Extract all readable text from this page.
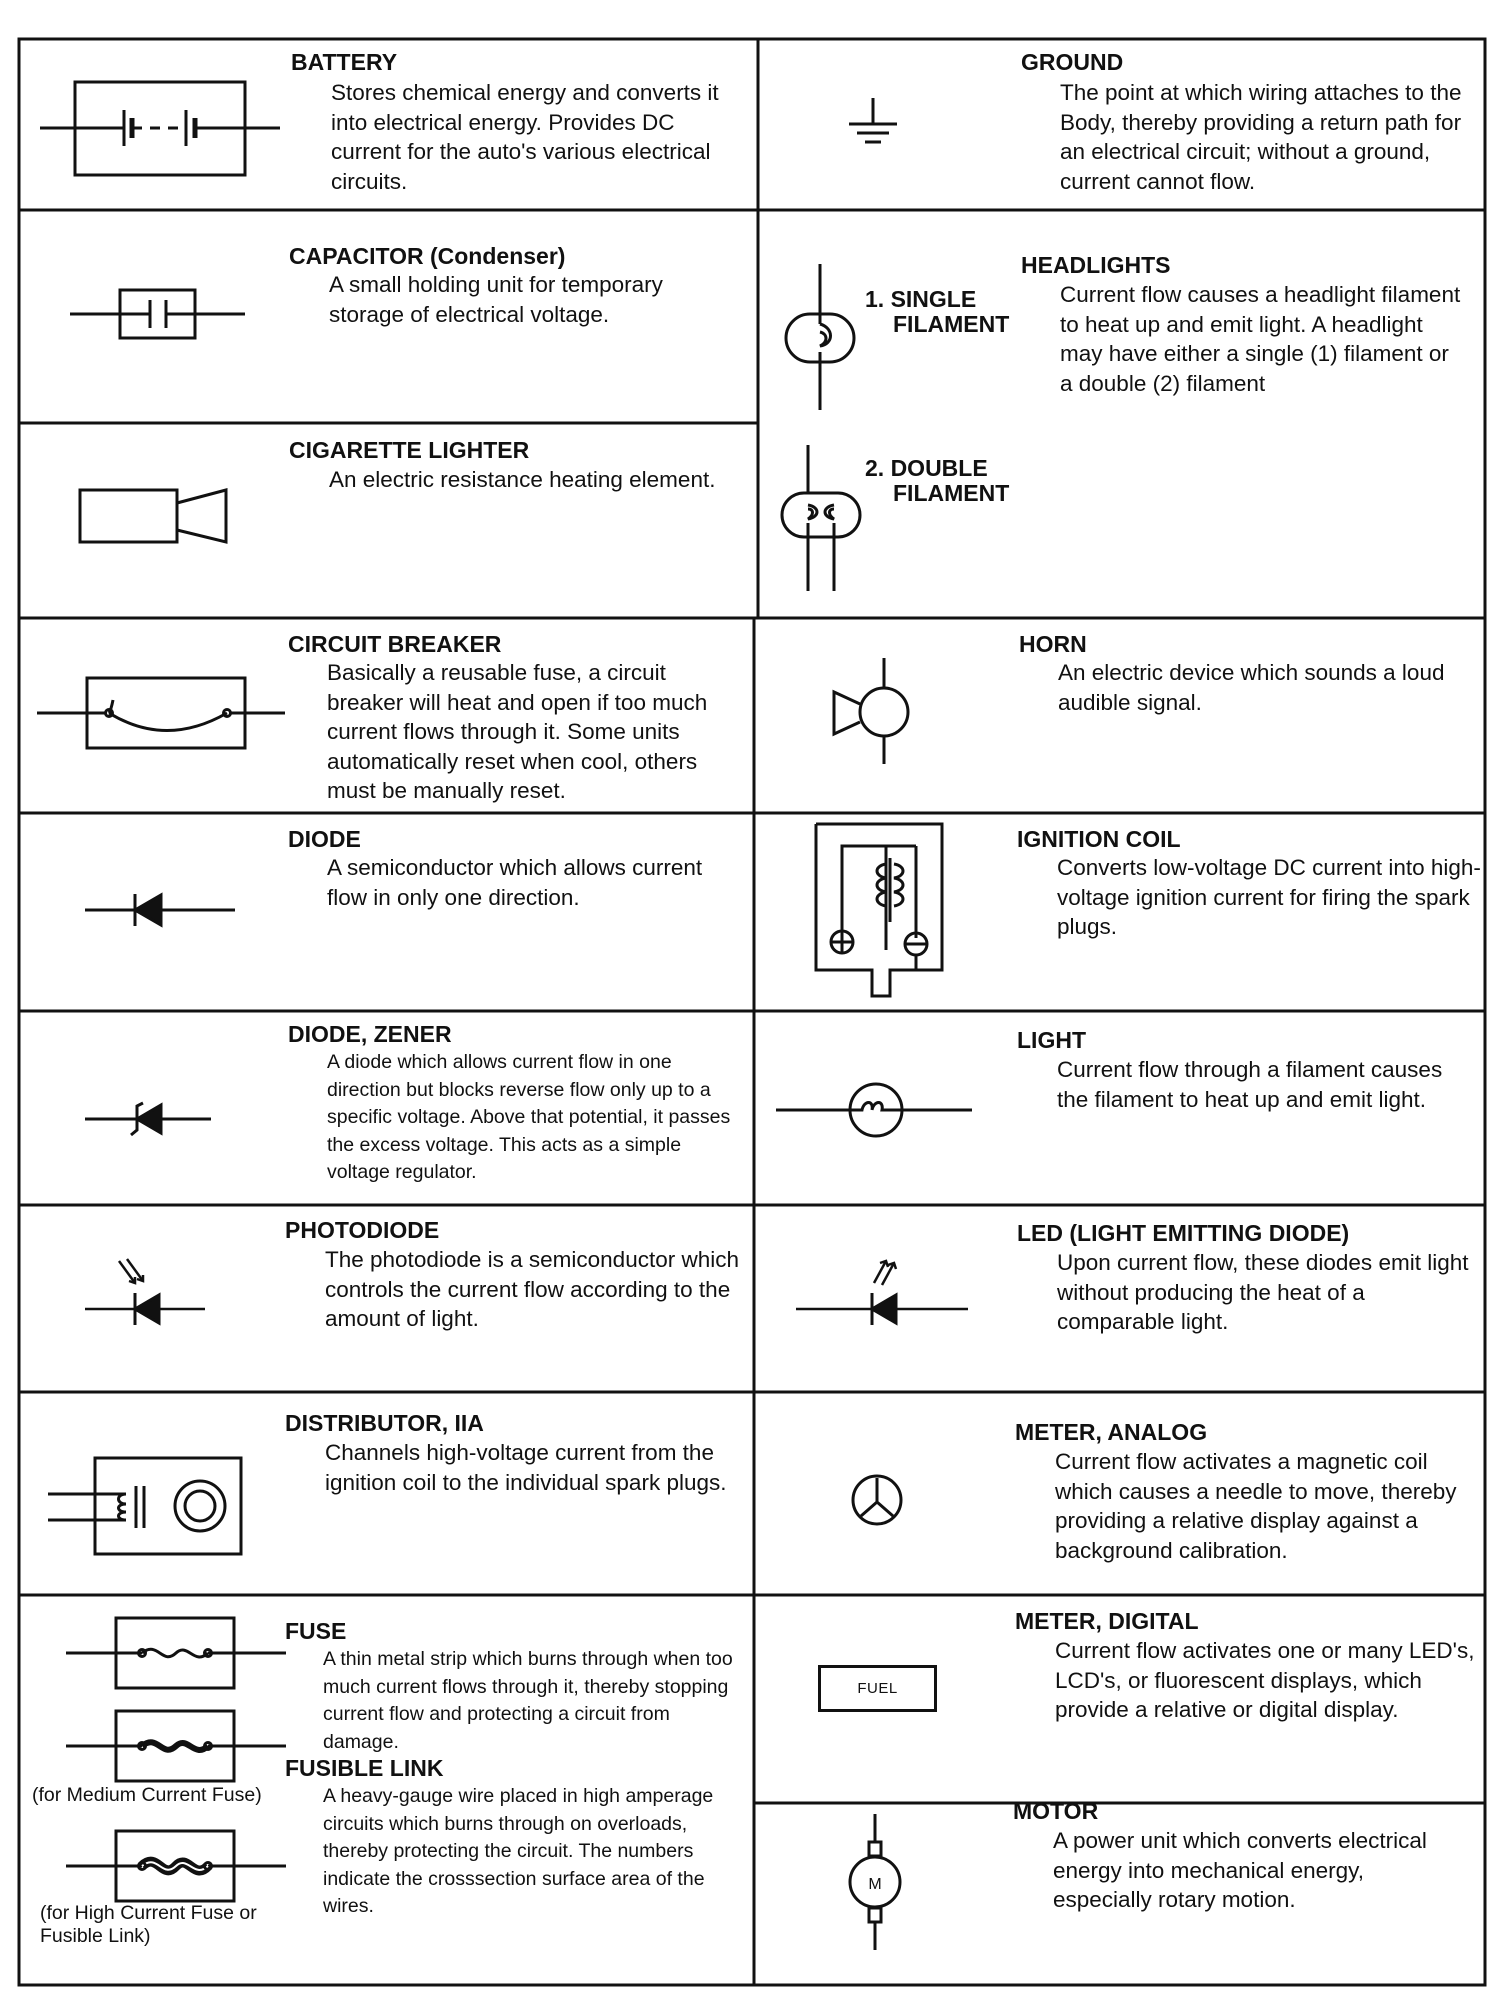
BATTERY
Stores chemical energy and converts it into electrical energy. Provides DC current for the auto's various electrical circuits.
CAPACITOR (Condenser)
A small holding unit for temporary storage of electrical voltage.
CIGARETTE LIGHTER
An electric resistance heating element.
CIRCUIT BREAKER
Basically a reusable fuse, a circuit breaker will heat and open if too much current flows through it. Some units automatically reset when cool, others must be manually reset.
DIODE
A semiconductor which allows current flow in only one direction.
DIODE, ZENER
A diode which allows current flow in one direction but blocks reverse flow only up to a specific voltage. Above that potential, it passes the excess voltage. This acts as a simple voltage regulator.
PHOTODIODE
The photodiode is a semiconductor which controls the current flow according to the amount of light.
DISTRIBUTOR, IIA
Channels high-voltage current from the ignition coil to the individual spark plugs.
(for Medium Current Fuse)
(for High Current Fuse or Fusible Link)
FUSE
A thin metal strip which burns through when too much current flows through it, thereby stopping current flow and protecting a circuit from damage.
FUSIBLE LINK
A heavy-gauge wire placed in high amperage circuits which burns through on overloads, thereby protecting the circuit. The numbers indicate the crosssection surface area of the wires.
GROUND
The point at which wiring attaches to the Body, thereby providing a return path for an electrical circuit; without a ground, current cannot flow.
1. SINGLE
FILAMENT
2. DOUBLE
FILAMENT
HEADLIGHTS
Current flow causes a headlight filament to heat up and emit light. A headlight may have either a single (1) filament or a double (2) filament
HORN
An electric device which sounds a loud audible signal.
IGNITION COIL
Converts low-voltage DC current into high-voltage ignition current for firing the spark plugs.
LIGHT
Current flow through a filament causes the filament to heat up and emit light.
LED (LIGHT EMITTING DIODE)
Upon current flow, these diodes emit light without producing the heat of a comparable light.
METER, ANALOG
Current flow activates a magnetic coil which causes a needle to move, thereby providing a relative display against a background calibration.
FUEL
METER, DIGITAL
Current flow activates one or many LED's, LCD's, or fluorescent displays, which provide a relative or digital display.
M
MOTOR
A power unit which converts electrical energy into mechanical energy, especially rotary motion.
